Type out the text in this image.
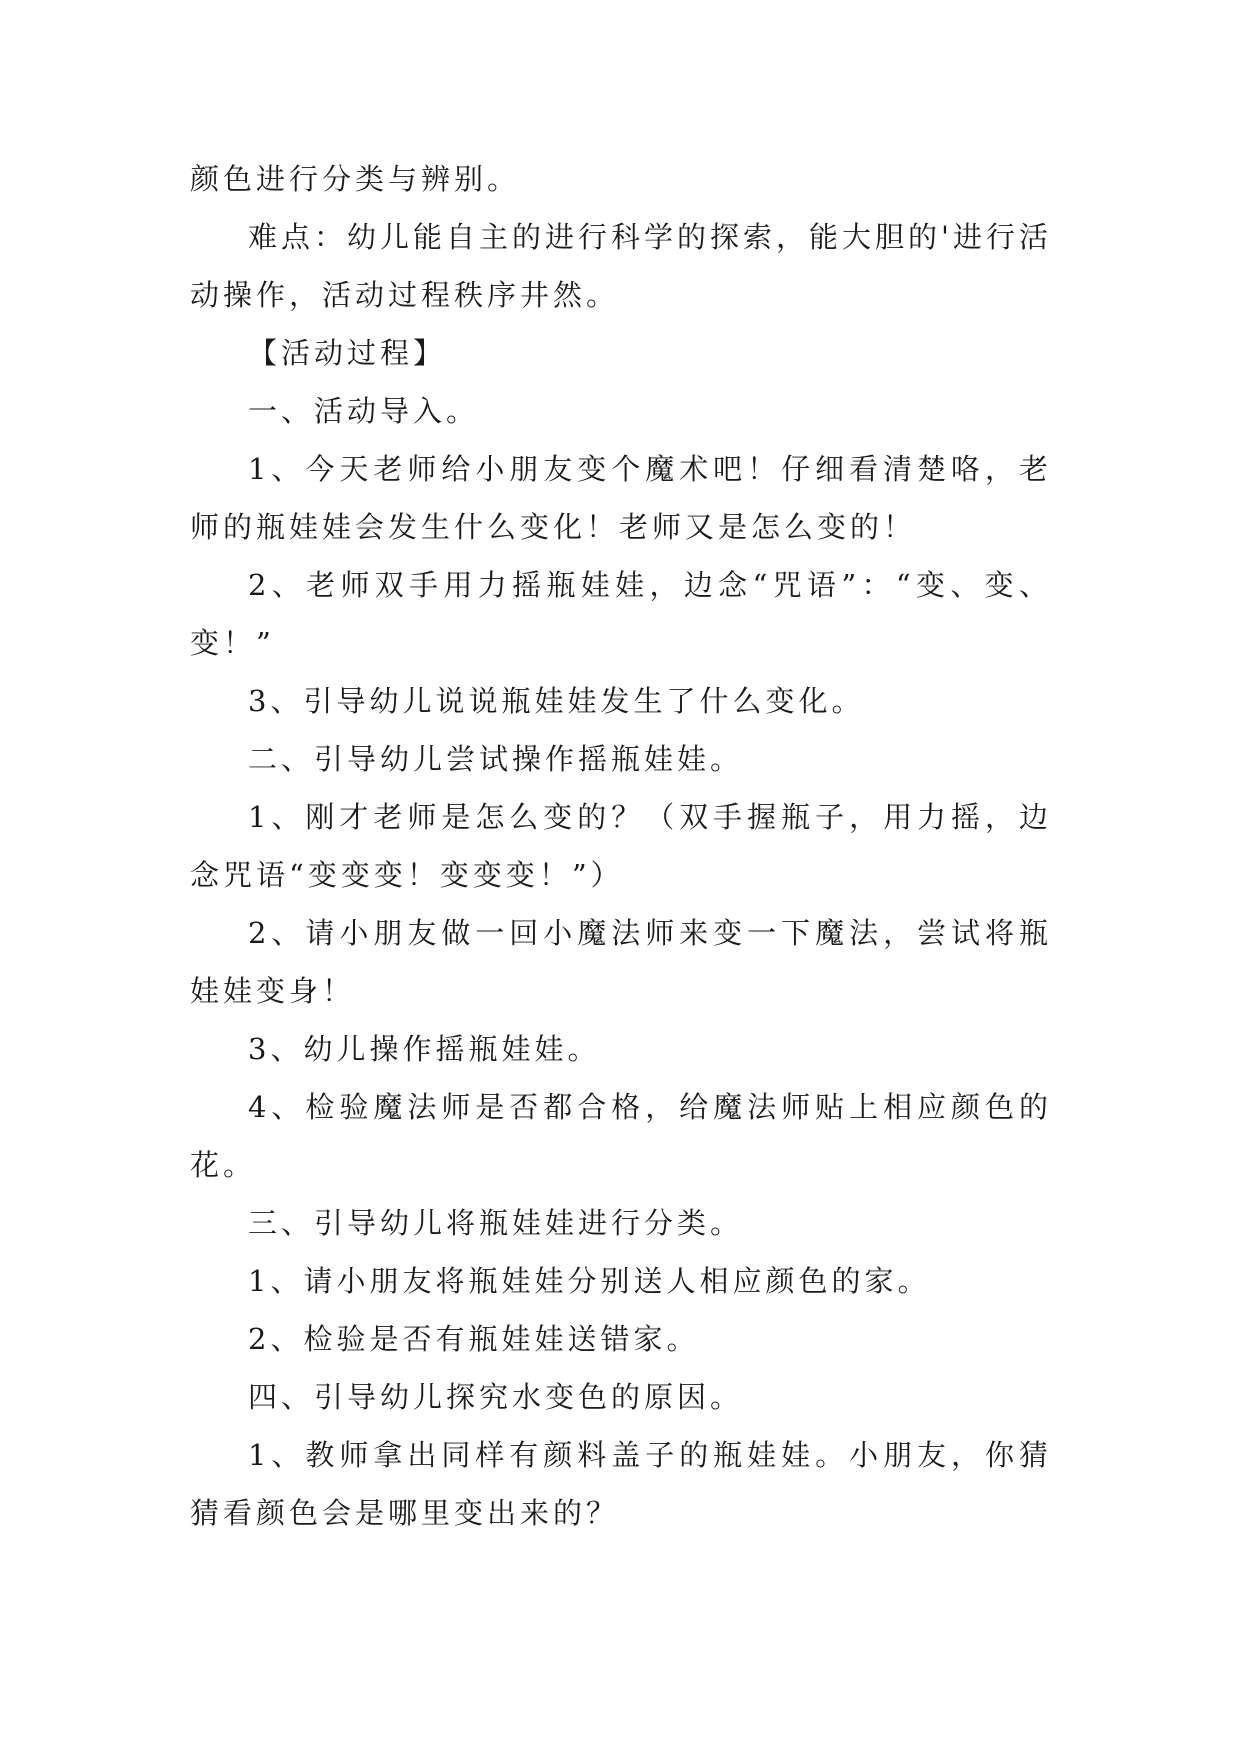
颜色进行分类与辨别。

难点：幼儿能自主的进行科学的探索，能大胆的'进行活动操作，活动过程秩序井然。

【活动过程】

一、活动导入。

1、今天老师给小朋友变个魔术吧！仔细看清楚咯，老师的瓶娃娃会发生什么变化！老师又是怎么变的！

2、老师双手用力摇瓶娃娃，边念“咒语”：“变、变、变！”

3、引导幼儿说说瓶娃娃发生了什么变化。

二、引导幼儿尝试操作摇瓶娃娃。

1、刚才老师是怎么变的？（双手握瓶子，用力摇，边念咒语“变变变！变变变！”）

2、请小朋友做一回小魔法师来变一下魔法，尝试将瓶娃娃变身！

3、幼儿操作摇瓶娃娃。

4、检验魔法师是否都合格，给魔法师贴上相应颜色的花。

三、引导幼儿将瓶娃娃进行分类。

1、请小朋友将瓶娃娃分别送人相应颜色的家。

2、检验是否有瓶娃娃送错家。

四、引导幼儿探究水变色的原因。

1、教师拿出同样有颜料盖子的瓶娃娃。小朋友，你猜猜看颜色会是哪里变出来的？
